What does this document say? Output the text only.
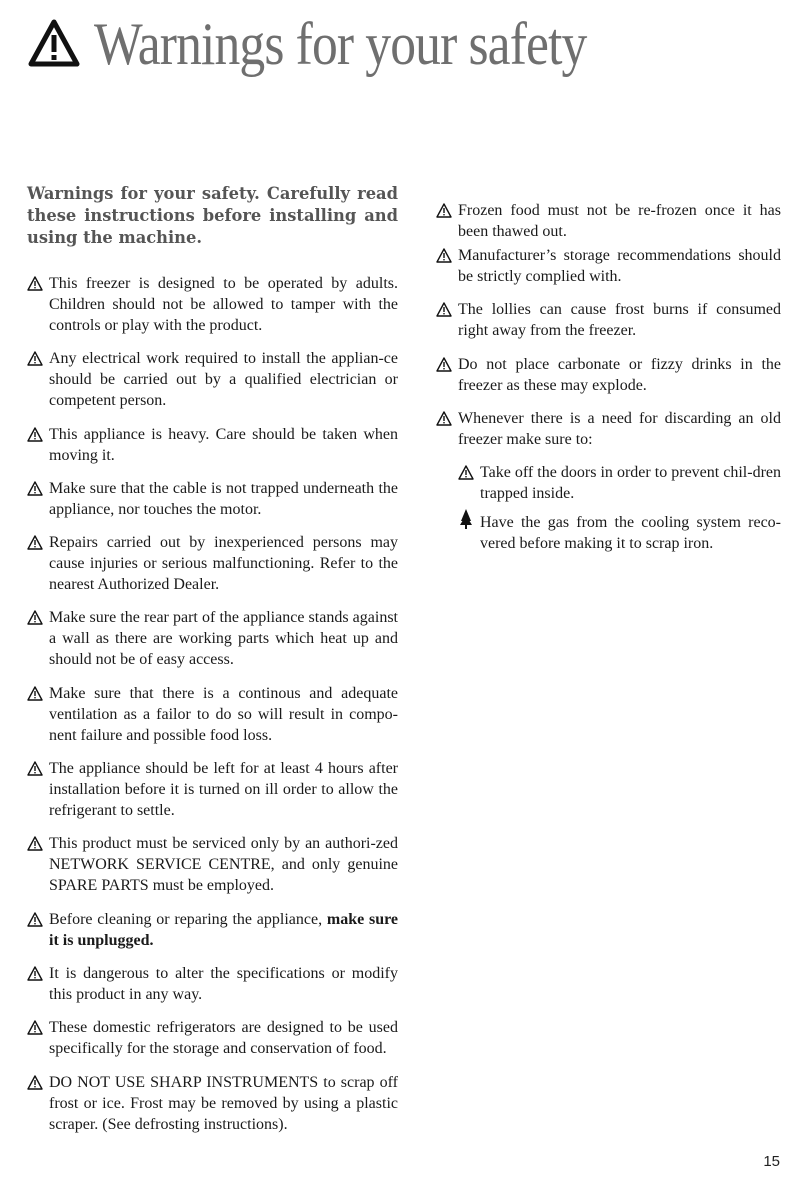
Warnings for your safety

Warnings for your safety. Carefully read these instructions before installing and using the machine.

This freezer is designed to be operated by adults. Children should not be allowed to tamper with the controls or play with the product.
Any electrical work required to install the applian-ce should be carried out by a qualified electrician or competent person.
This appliance is heavy. Care should be taken when moving it.
Make sure that the cable is not trapped underneath the appliance, nor touches the motor.
Repairs carried out by inexperienced persons may cause injuries or serious malfunctioning. Refer to the nearest Authorized Dealer.
Make sure the rear part of the appliance stands against a wall as there are working parts which heat up and should not be of easy access.
Make sure that there is a continous and adequate ventilation as a failor to do so will result in compo-nent failure and possible food loss.
The appliance should be left for at least 4 hours after installation before it is turned on ill order to allow the refrigerant to settle.
This product must be serviced only by an authori-zed NETWORK SERVICE CENTRE, and only genuine SPARE PARTS must be employed.
Before cleaning or reparing the appliance, make sure it is unplugged.
It is dangerous to alter the specifications or modify this product in any way.
These domestic refrigerators are designed to be used specifically for the storage and conservation of food.
DO NOT USE SHARP INSTRUMENTS to scrap off frost or ice. Frost may be removed by using a plastic scraper. (See defrosting instructions).
Frozen food must not be re-frozen once it has been thawed out.
Manufacturer’s storage recommendations should be strictly complied with.
The lollies can cause frost burns if consumed right away from the freezer.
Do not place carbonate or fizzy drinks in the freezer as these may explode.
Whenever there is a need for discarding an old freezer make sure to:
Take off the doors in order to prevent chil-dren trapped inside.
Have the gas from the cooling system reco-vered before making it to scrap iron.
15
